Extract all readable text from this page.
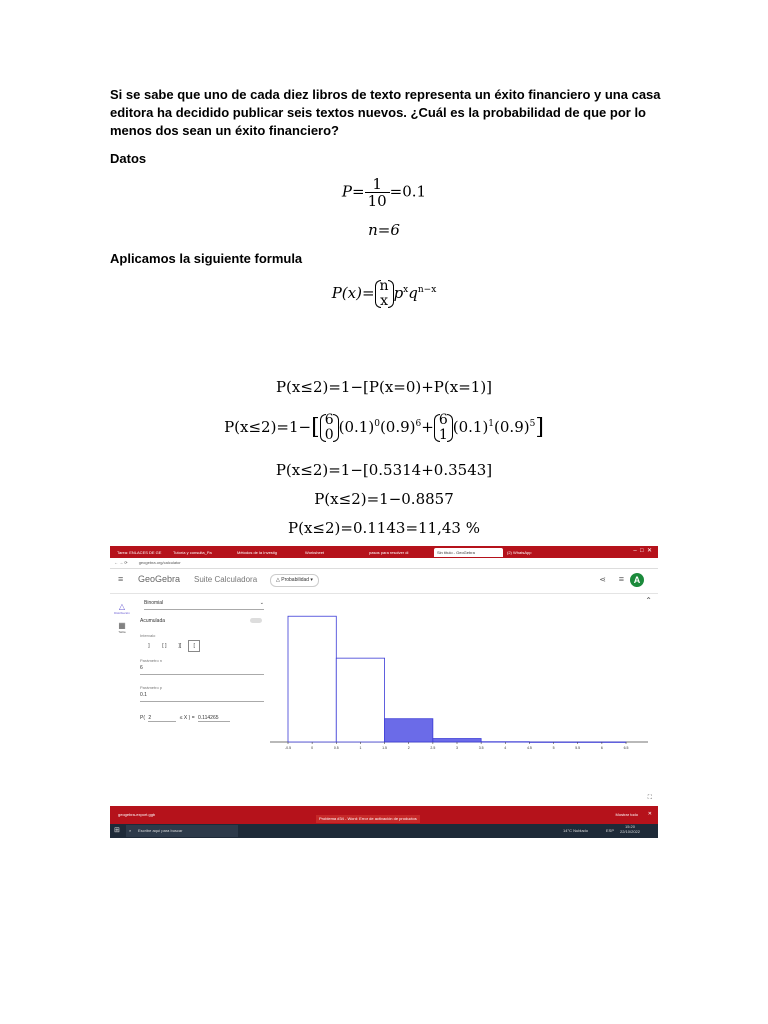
Si se sabe que uno de cada diez libros de texto representa un éxito financiero y una casa editora ha decidido publicar seis textos nuevos. ¿Cuál es la probabilidad de que por lo menos dos sean un éxito financiero?

Datos

$P= \frac{1}{10} =0.1$
n=6

Aplicamos la siguiente formula

P(x)= n
x $p^xq^{n-x}$
P(x≤2)=1−[P(x=0)+P(x=1)]
P(x≤2)=1−[ 6
0 $(0.1)^0(0.9)^6+ 6$
1 $(0.1)^1(0.9)^5$]
P(x≤2)=1−[0.5314+0.3543]
P(x≤2)=1−0.8857
P(x≤2)=0.1143=11,43 %
Tarea: ENLACES DE GE	Tutoría y consulta_Pa	Métodos de la Investig	Worksheet	pasos para resolver di	Sin título - GeoGebra	(2) WhatsApp	–  □  ✕
← → ⟳	geogebra.org/calculator
≡ GeoGebra Suite Calculadora	△ Probabilidad ▾	⋖ ≡	A
△
Distribución
▦
Tabla
Binomial	⌄
Acumulada
Intervalo
]	[ ] ][ [
Parámetro n
6
Parámetro p
0.1
P( 2	≤ X ) = 0.114265
⌃
-0.5	0	0.5	1	1.5	2	2.5	3	3.5	4	4.5	5	5.5	6	6.5
⛶
geogebra-export.ggb	Mostrar todo ✕
⊞ ⌕ Escribe aquí para buscar
Problema #34 - Word: Error de activación de productos
14°C Nublado	ESP
15:20
22/10/2022
